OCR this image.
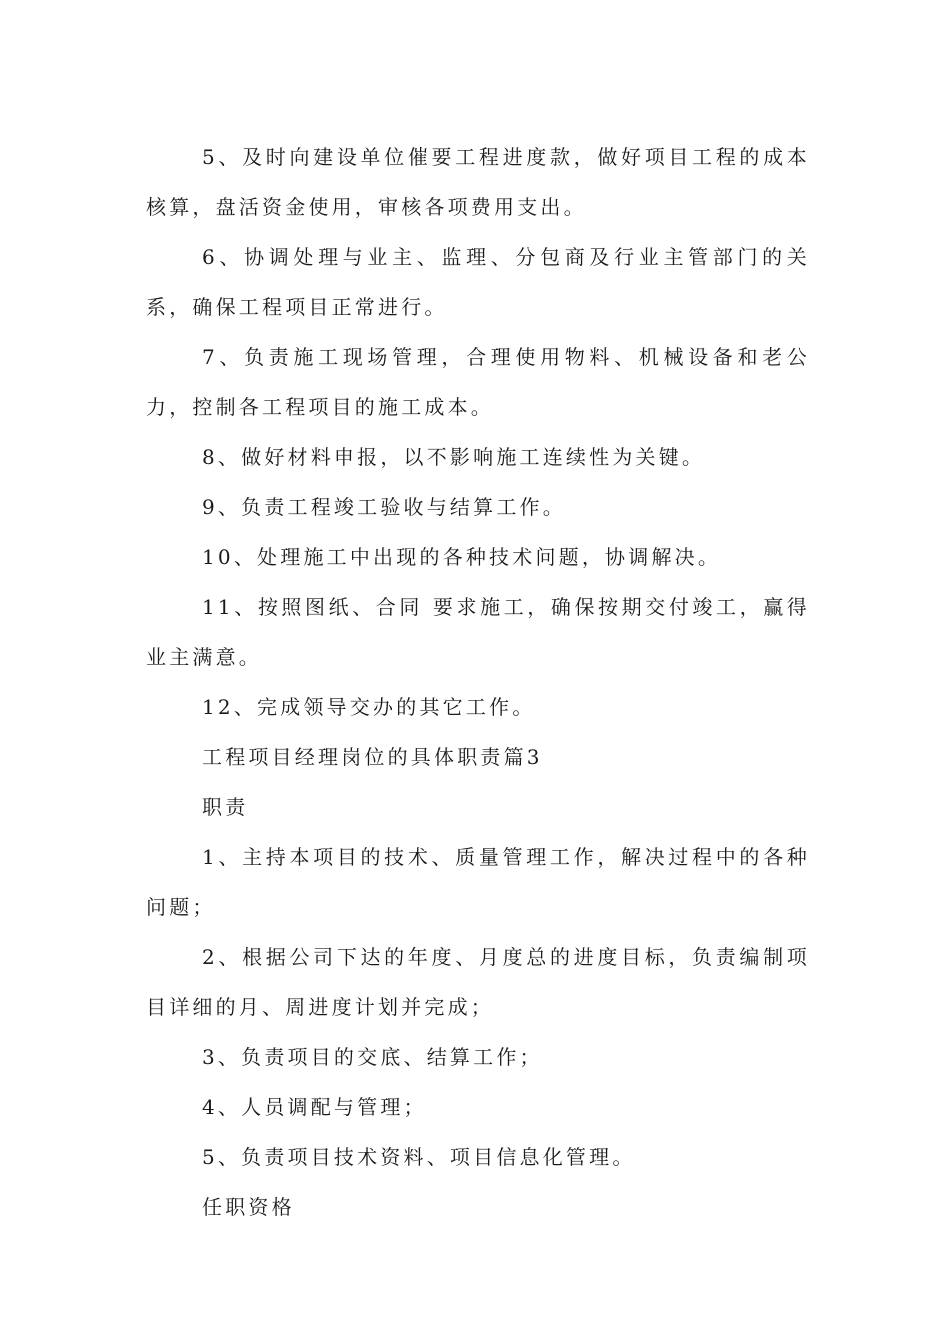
5、及时向建设单位催要工程进度款，做好项目工程的成本核算，盘活资金使用，审核各项费用支出。

6、协调处理与业主、监理、分包商及行业主管部门的关系，确保工程项目正常进行。

7、负责施工现场管理，合理使用物料、机械设备和老公力，控制各工程项目的施工成本。

8、做好材料申报，以不影响施工连续性为关键。

9、负责工程竣工验收与结算工作。

10、处理施工中出现的各种技术问题，协调解决。

11、按照图纸、合同 要求施工，确保按期交付竣工，赢得业主满意。

12、完成领导交办的其它工作。

工程项目经理岗位的具体职责篇3

职责

1、主持本项目的技术、质量管理工作，解决过程中的各种问题；

2、根据公司下达的年度、月度总的进度目标，负责编制项目详细的月、周进度计划并完成；

3、负责项目的交底、结算工作；

4、人员调配与管理；

5、负责项目技术资料、项目信息化管理。

任职资格
